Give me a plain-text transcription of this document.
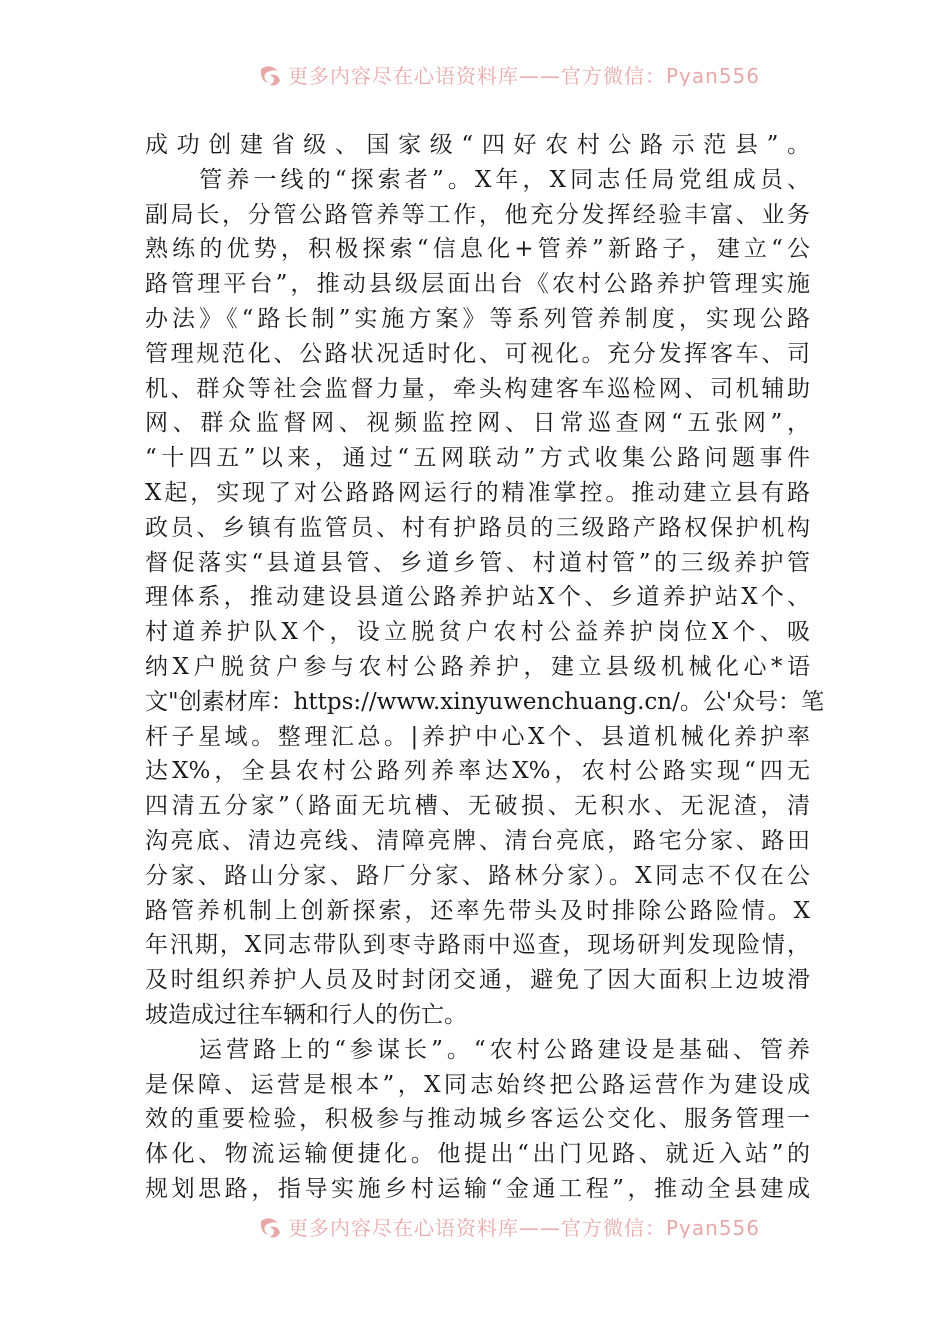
更多内容尽在心语资料库——官方微信：Pyan556
成功创建省级、国家级“四好农村公路示范县”。
　　管养一线的“探索者”。X年，X同志任局党组成员、
副局长，分管公路管养等工作，他充分发挥经验丰富、业务
熟练的优势，积极探索“信息化+管养”新路子，建立“公
路管理平台”，推动县级层面出台《农村公路养护管理实施
办法》《“路长制”实施方案》等系列管养制度，实现公路
管理规范化、公路状况适时化、可视化。充分发挥客车、司
机、群众等社会监督力量，牵头构建客车巡检网、司机辅助
网、群众监督网、视频监控网、日常巡查网“五张网”，
“十四五”以来，通过“五网联动”方式收集公路问题事件
X起，实现了对公路路网运行的精准掌控。推动建立县有路
政员、乡镇有监管员、村有护路员的三级路产路权保护机构
督促落实“县道县管、乡道乡管、村道村管”的三级养护管
理体系，推动建设县道公路养护站X个、乡道养护站X个、
村道养护队X个，设立脱贫户农村公益养护岗位X个、吸
纳X户脱贫户参与农村公路养护，建立县级机械化心*语
文"创素材库：https://www.xinyuwenchuang.cn/。公'众号：笔
杆子星域。整理汇总。|养护中心X个、县道机械化养护率
达X%，全县农村公路列养率达X%，农村公路实现“四无
四清五分家”（路面无坑槽、无破损、无积水、无泥渣，清
沟亮底、清边亮线、清障亮牌、清台亮底，路宅分家、路田
分家、路山分家、路厂分家、路林分家）。X同志不仅在公
路管养机制上创新探索，还率先带头及时排除公路险情。X
年汛期，X同志带队到枣寺路雨中巡查，现场研判发现险情，
及时组织养护人员及时封闭交通，避免了因大面积上边坡滑
坡造成过往车辆和行人的伤亡。
　　运营路上的“参谋长”。“农村公路建设是基础、管养
是保障、运营是根本”，X同志始终把公路运营作为建设成
效的重要检验，积极参与推动城乡客运公交化、服务管理一
体化、物流运输便捷化。他提出“出门见路、就近入站”的
规划思路，指导实施乡村运输“金通工程”，推动全县建成
更多内容尽在心语资料库——官方微信：Pyan556
